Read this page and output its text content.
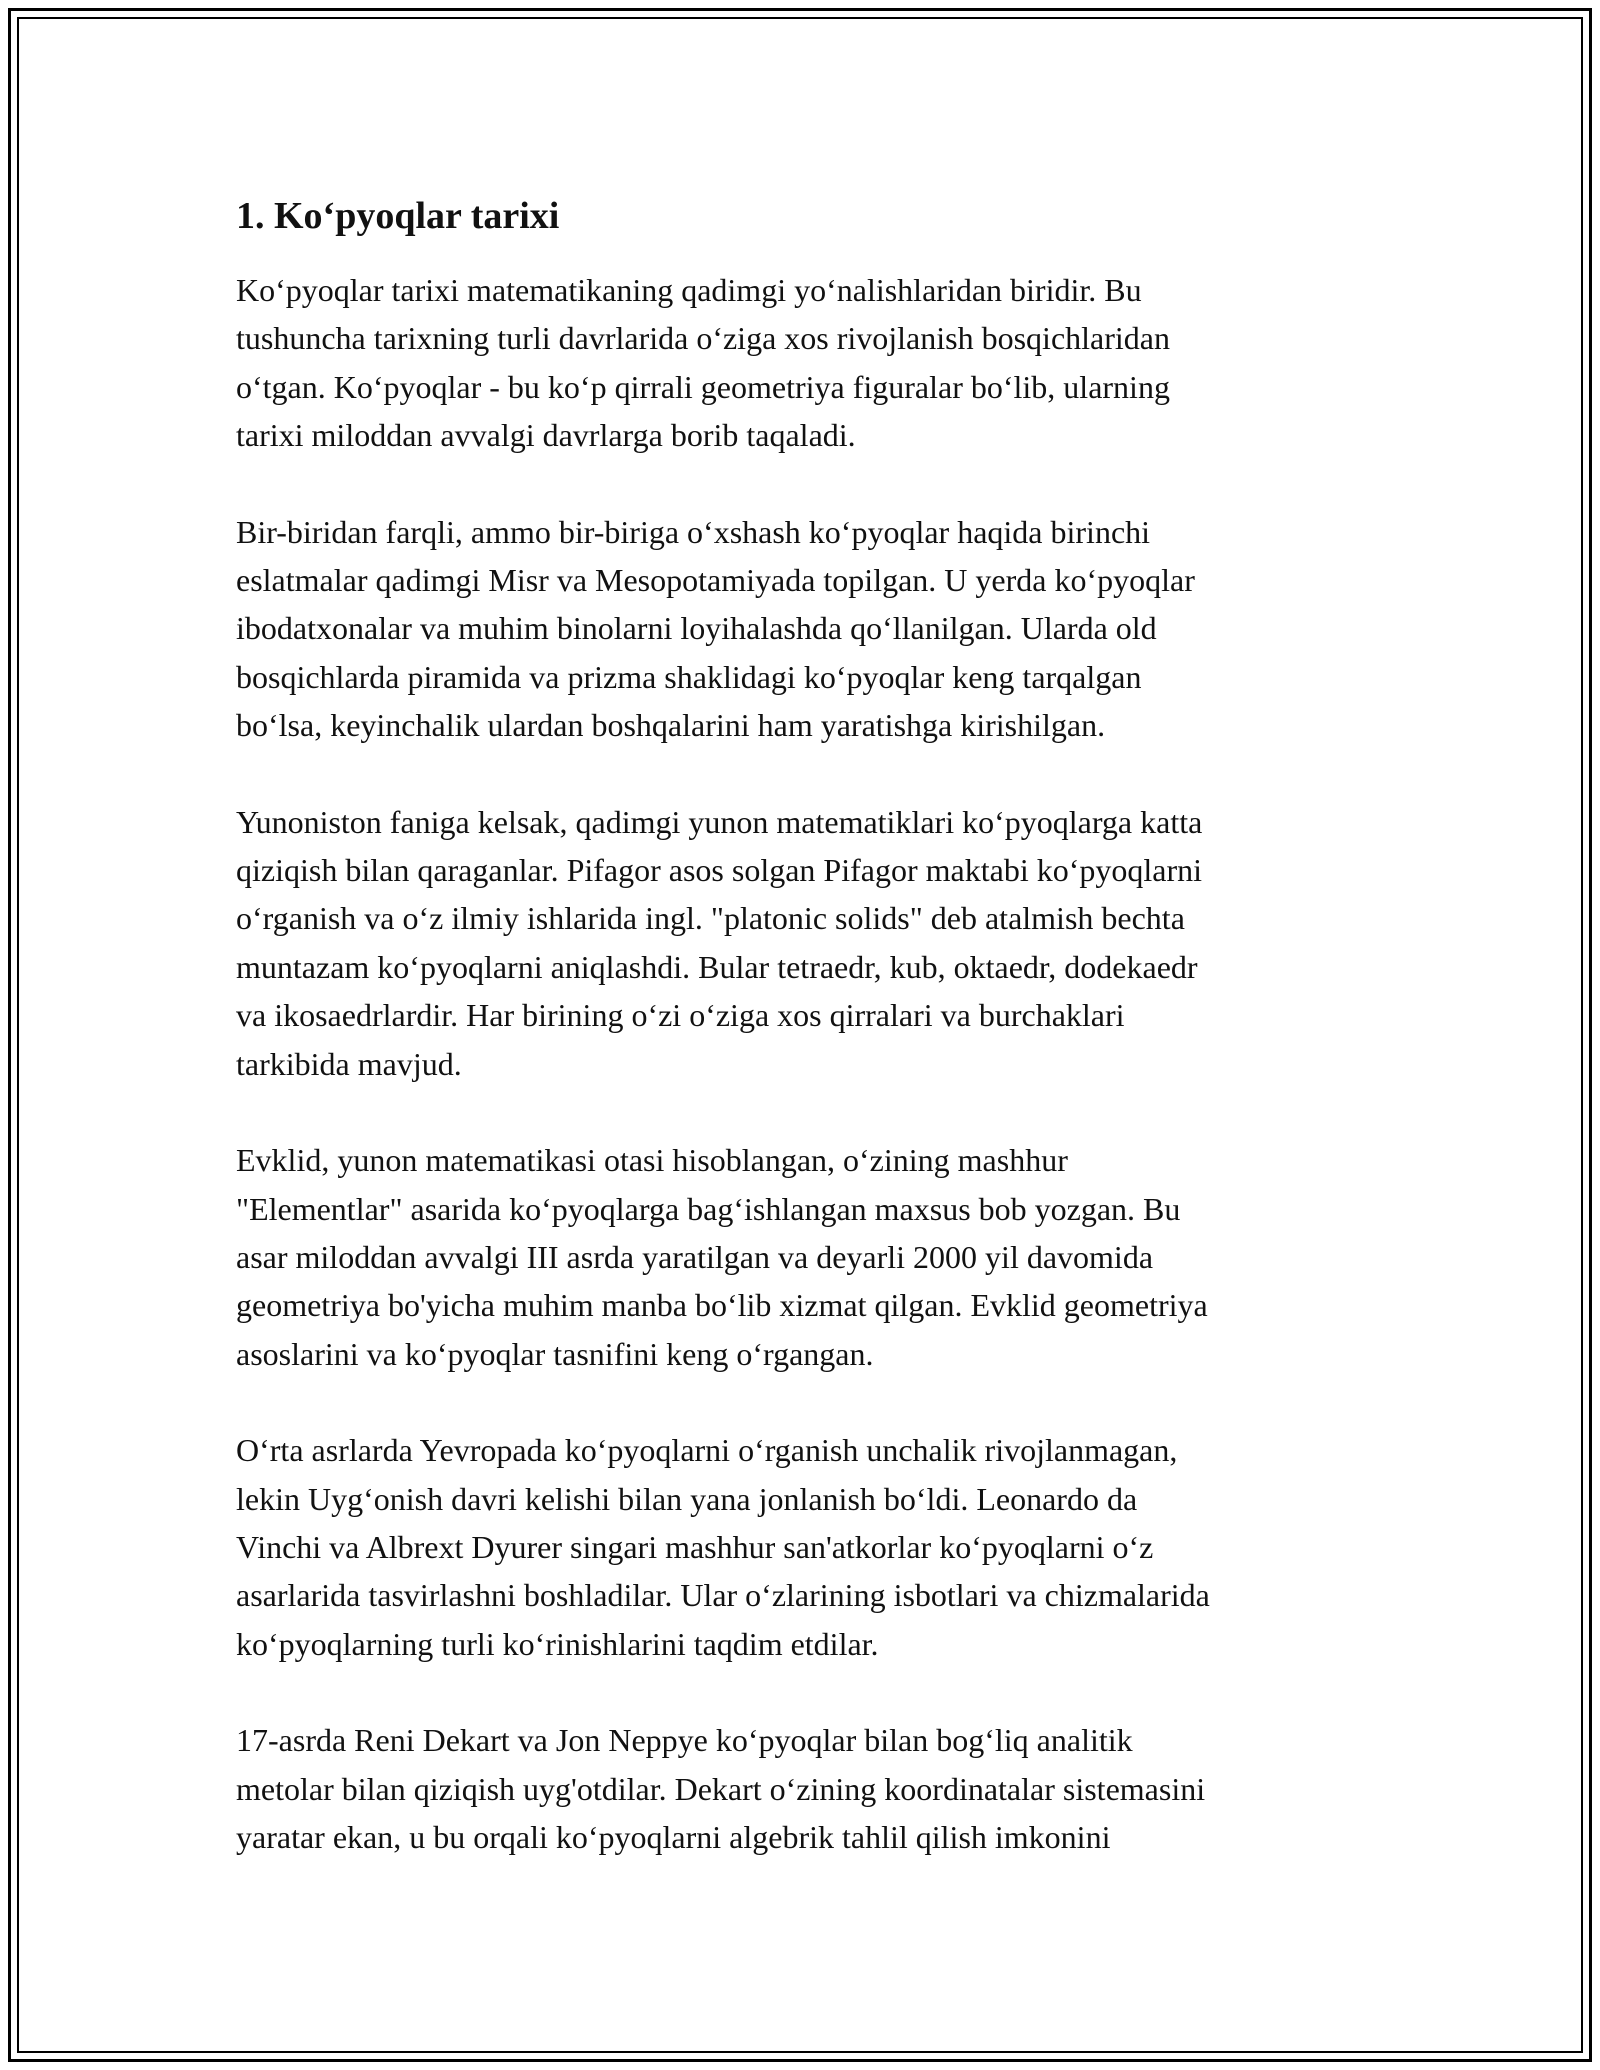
1. Ko‘pyoqlar tarixi

Ko‘pyoqlar tarixi matematikaning qadimgi yo‘nalishlaridan biridir. Bu
tushuncha tarixning turli davrlarida o‘ziga xos rivojlanish bosqichlaridan
o‘tgan. Ko‘pyoqlar - bu ko‘p qirrali geometriya figuralar bo‘lib, ularning
tarixi miloddan avvalgi davrlarga borib taqaladi.

Bir-biridan farqli, ammo bir-biriga o‘xshash ko‘pyoqlar haqida birinchi
eslatmalar qadimgi Misr va Mesopotamiyada topilgan. U yerda ko‘pyoqlar
ibodatxonalar va muhim binolarni loyihalashda qo‘llanilgan. Ularda old
bosqichlarda piramida va prizma shaklidagi ko‘pyoqlar keng tarqalgan
bo‘lsa, keyinchalik ulardan boshqalarini ham yaratishga kirishilgan.

Yunoniston faniga kelsak, qadimgi yunon matematiklari ko‘pyoqlarga katta
qiziqish bilan qaraganlar. Pifagor asos solgan Pifagor maktabi ko‘pyoqlarni
o‘rganish va o‘z ilmiy ishlarida ingl. "platonic solids" deb atalmish bechta
muntazam ko‘pyoqlarni aniqlashdi. Bular tetraedr, kub, oktaedr, dodekaedr
va ikosaedrlardir. Har birining o‘zi o‘ziga xos qirralari va burchaklari
tarkibida mavjud.

Evklid, yunon matematikasi otasi hisoblangan, o‘zining mashhur
"Elementlar" asarida ko‘pyoqlarga bag‘ishlangan maxsus bob yozgan. Bu
asar miloddan avvalgi III asrda yaratilgan va deyarli 2000 yil davomida
geometriya bo'yicha muhim manba bo‘lib xizmat qilgan. Evklid geometriya
asoslarini va ko‘pyoqlar tasnifini keng o‘rgangan.

O‘rta asrlarda Yevropada ko‘pyoqlarni o‘rganish unchalik rivojlanmagan,
lekin Uyg‘onish davri kelishi bilan yana jonlanish bo‘ldi. Leonardo da
Vinchi va Albrext Dyurer singari mashhur san'atkorlar ko‘pyoqlarni o‘z
asarlarida tasvirlashni boshladilar. Ular o‘zlarining isbotlari va chizmalarida
ko‘pyoqlarning turli ko‘rinishlarini taqdim etdilar.

17-asrda Reni Dekart va Jon Neppye ko‘pyoqlar bilan bog‘liq analitik
metolar bilan qiziqish uyg'otdilar. Dekart o‘zining koordinatalar sistemasini
yaratar ekan, u bu orqali ko‘pyoqlarni algebrik tahlil qilish imkonini
